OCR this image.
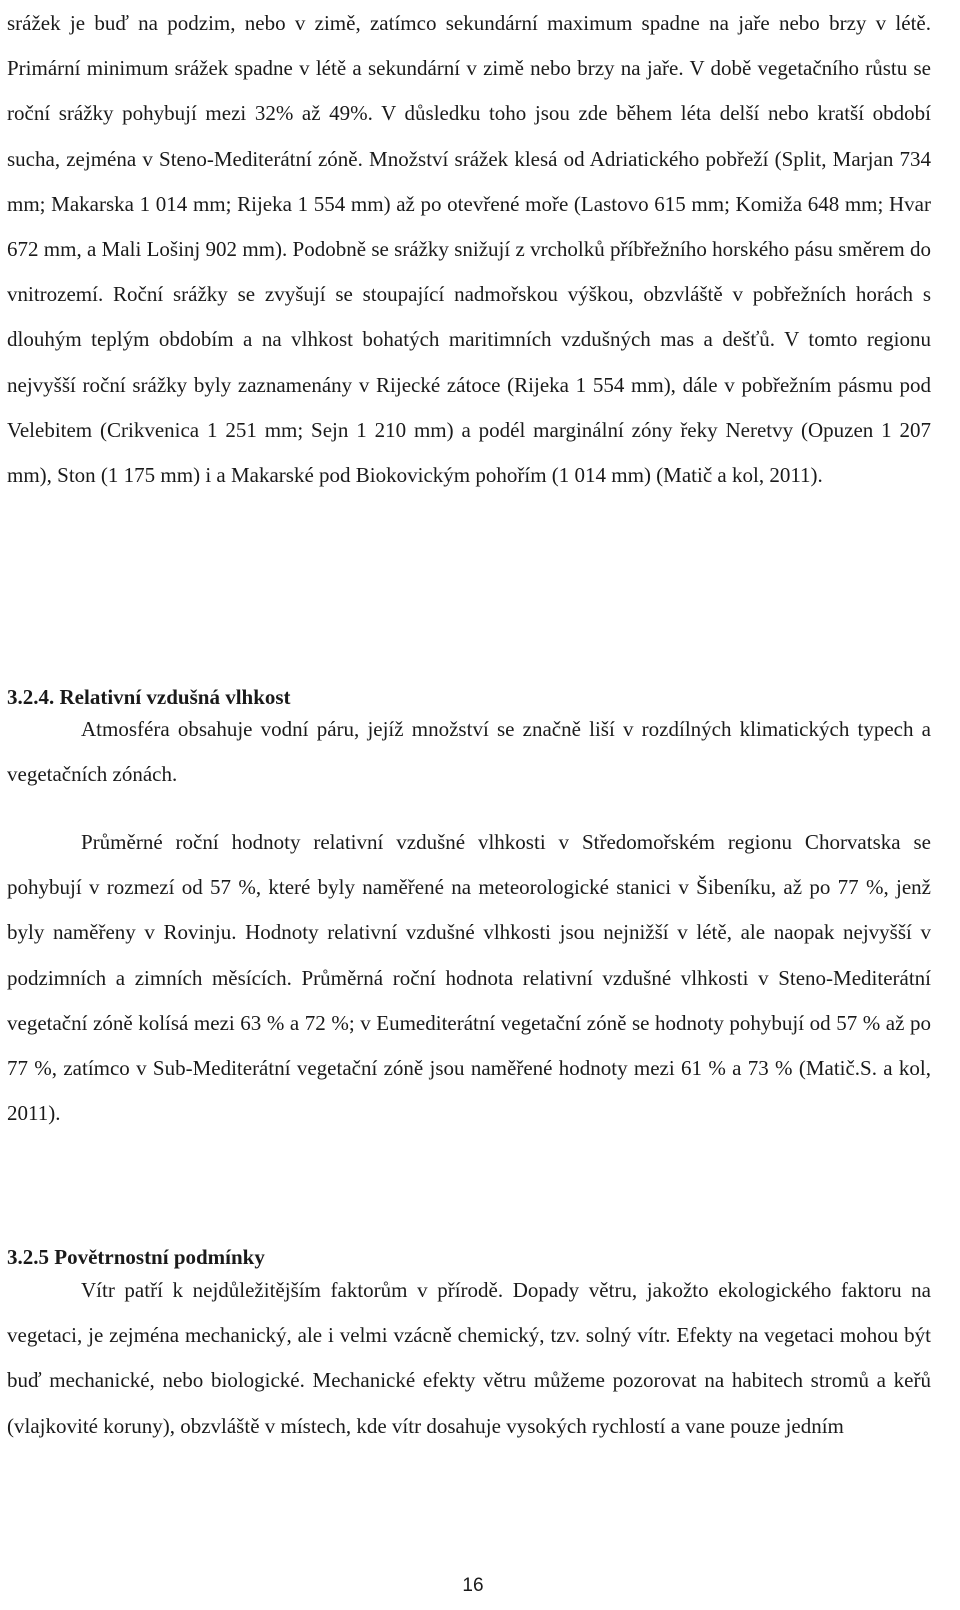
srážek je buď na podzim, nebo v zimě, zatímco sekundární maximum spadne na jaře nebo brzy v létě. Primární minimum srážek spadne v létě a sekundární v zimě nebo brzy na jaře. V době vegetačního růstu se roční srážky pohybují mezi 32% až 49%. V důsledku toho jsou zde během léta delší nebo kratší období sucha, zejména v Steno-Mediterátní zóně. Množství srážek klesá od Adriatického pobřeží (Split, Marjan 734 mm; Makarska 1 014 mm; Rijeka 1 554 mm) až po otevřené moře (Lastovo 615 mm; Komiža 648 mm; Hvar 672 mm, a Mali Lošinj 902 mm). Podobně se srážky snižují z vrcholků příbřežního horského pásu směrem do vnitrozemí. Roční srážky se zvyšují se stoupající nadmořskou výškou, obzvláště v pobřežních horách s dlouhým teplým obdobím a na vlhkost bohatých maritimních vzdušných mas a dešťů. V tomto regionu nejvyšší roční srážky byly zaznamenány v Rijecké zátoce (Rijeka 1 554 mm), dále v pobřežním pásmu pod Velebitem (Crikvenica 1 251 mm; Sejn 1 210 mm) a podél marginální zóny řeky Neretvy (Opuzen 1 207 mm), Ston (1 175 mm) i a Makarské pod Biokovickým pohořím (1 014 mm) (Matič a kol, 2011).

3.2.4. Relativní vzdušná vlhkost

Atmosféra obsahuje vodní páru, jejíž množství se značně liší v rozdílných klimatických typech a vegetačních zónách.

Průměrné roční hodnoty relativní vzdušné vlhkosti v Středomořském regionu Chorvatska se pohybují v rozmezí od 57 %, které byly naměřené na meteorologické stanici v Šibeníku, až po 77 %, jenž byly naměřeny v Rovinju. Hodnoty relativní vzdušné vlhkosti jsou nejnižší v létě, ale naopak nejvyšší v podzimních a zimních měsících. Průměrná roční hodnota relativní vzdušné vlhkosti v Steno-Mediterátní vegetační zóně kolísá mezi 63 % a 72 %; v Eumediterátní vegetační zóně se hodnoty pohybují od 57 % až po 77 %, zatímco v Sub-Mediterátní vegetační zóně jsou naměřené hodnoty mezi 61 % a 73 % (Matič.S. a kol, 2011).

3.2.5 Povětrnostní podmínky

Vítr patří k nejdůležitějším faktorům v přírodě. Dopady větru, jakožto ekologického faktoru na vegetaci, je zejména mechanický, ale i velmi vzácně chemický, tzv. solný vítr. Efekty na vegetaci mohou být buď mechanické, nebo biologické. Mechanické efekty větru můžeme pozorovat na habitech stromů a keřů (vlajkovité koruny), obzvláště v místech, kde vítr dosahuje vysokých rychlostí a vane pouze jedním

16
